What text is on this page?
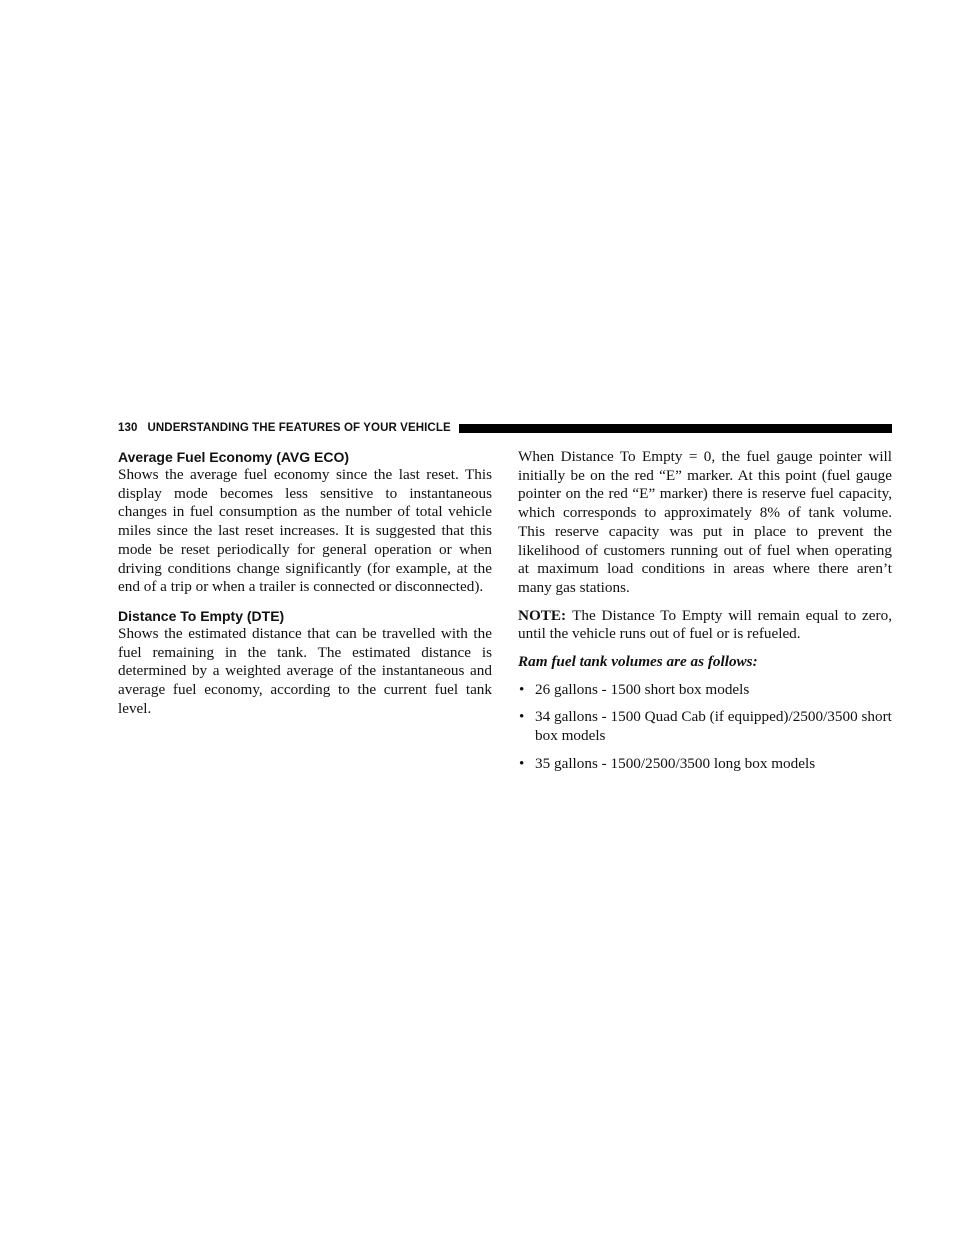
130 UNDERSTANDING THE FEATURES OF YOUR VEHICLE
Average Fuel Economy (AVG ECO)

Shows the average fuel economy since the last reset. This display mode becomes less sensitive to instantaneous changes in fuel consumption as the number of total vehicle miles since the last reset increases. It is suggested that this mode be reset periodically for general operation or when driving conditions change significantly (for example, at the end of a trip or when a trailer is connected or disconnected).

Distance To Empty (DTE)

Shows the estimated distance that can be travelled with the fuel remaining in the tank. The estimated distance is determined by a weighted average of the instantaneous and average fuel economy, according to the current fuel tank level.

When Distance To Empty = 0, the fuel gauge pointer will initially be on the red “E” marker. At this point (fuel gauge pointer on the red “E” marker) there is reserve fuel capacity, which corresponds to approximately 8% of tank volume. This reserve capacity was put in place to prevent the likelihood of customers running out of fuel when operating at maximum load conditions in areas where there aren’t many gas stations.

NOTE: The Distance To Empty will remain equal to zero, until the vehicle runs out of fuel or is refueled.

Ram fuel tank volumes are as follows:

• 26 gallons - 1500 short box models
• 34 gallons - 1500 Quad Cab (if equipped)/2500/3500 short box models
• 35 gallons - 1500/2500/3500 long box models
